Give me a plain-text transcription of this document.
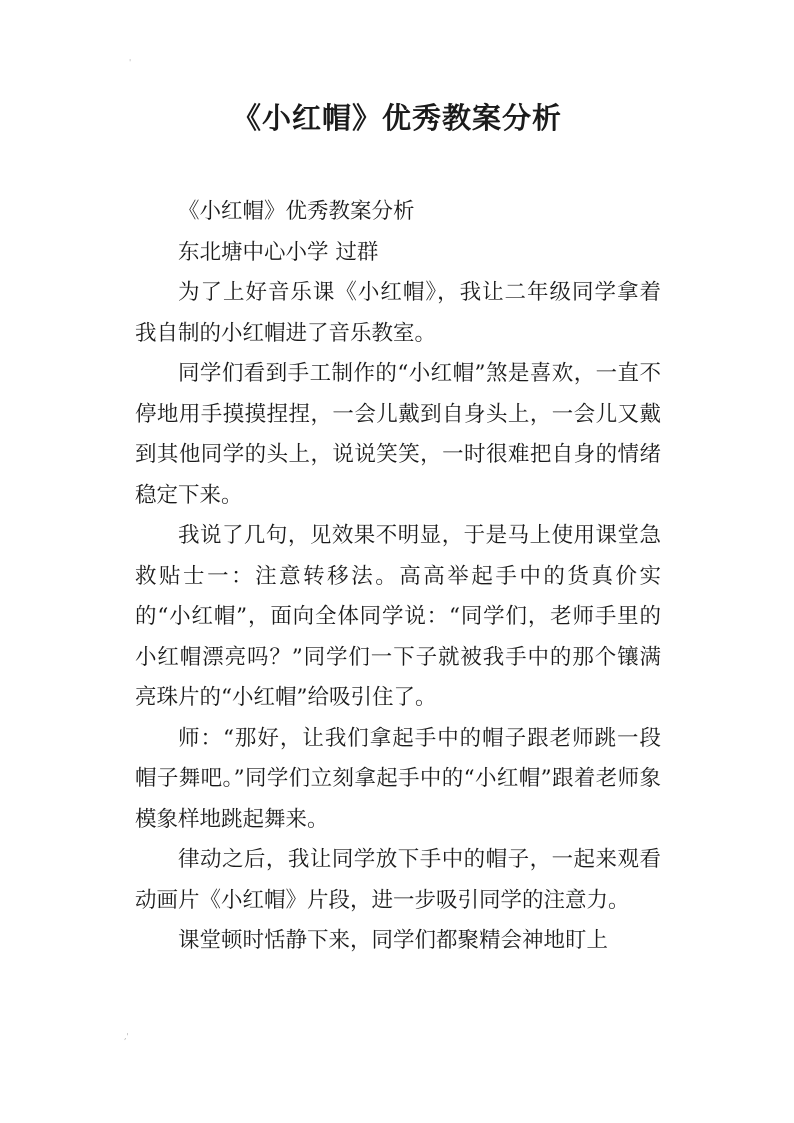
'
《小红帽》优秀教案分析

《小红帽》优秀教案分析

东北塘中心小学 过群

为了上好音乐课《小红帽》，我让二年级同学拿着我自制的小红帽进了音乐教室。

同学们看到手工制作的“小红帽”煞是喜欢，一直不停地用手摸摸捏捏，一会儿戴到自身头上，一会儿又戴到其他同学的头上，说说笑笑，一时很难把自身的情绪稳定下来。

我说了几句，见效果不明显，于是马上使用课堂急救贴士一：注意转移法。高高举起手中的货真价实的“小红帽”，面向全体同学说：“同学们，老师手里的小红帽漂亮吗？”同学们一下子就被我手中的那个镶满亮珠片的“小红帽”给吸引住了。

师：“那好，让我们拿起手中的帽子跟老师跳一段帽子舞吧。”同学们立刻拿起手中的“小红帽”跟着老师象模象样地跳起舞来。

律动之后，我让同学放下手中的帽子，一起来观看动画片《小红帽》片段，进一步吸引同学的注意力。

课堂顿时恬静下来，同学们都聚精会神地盯上

,'
